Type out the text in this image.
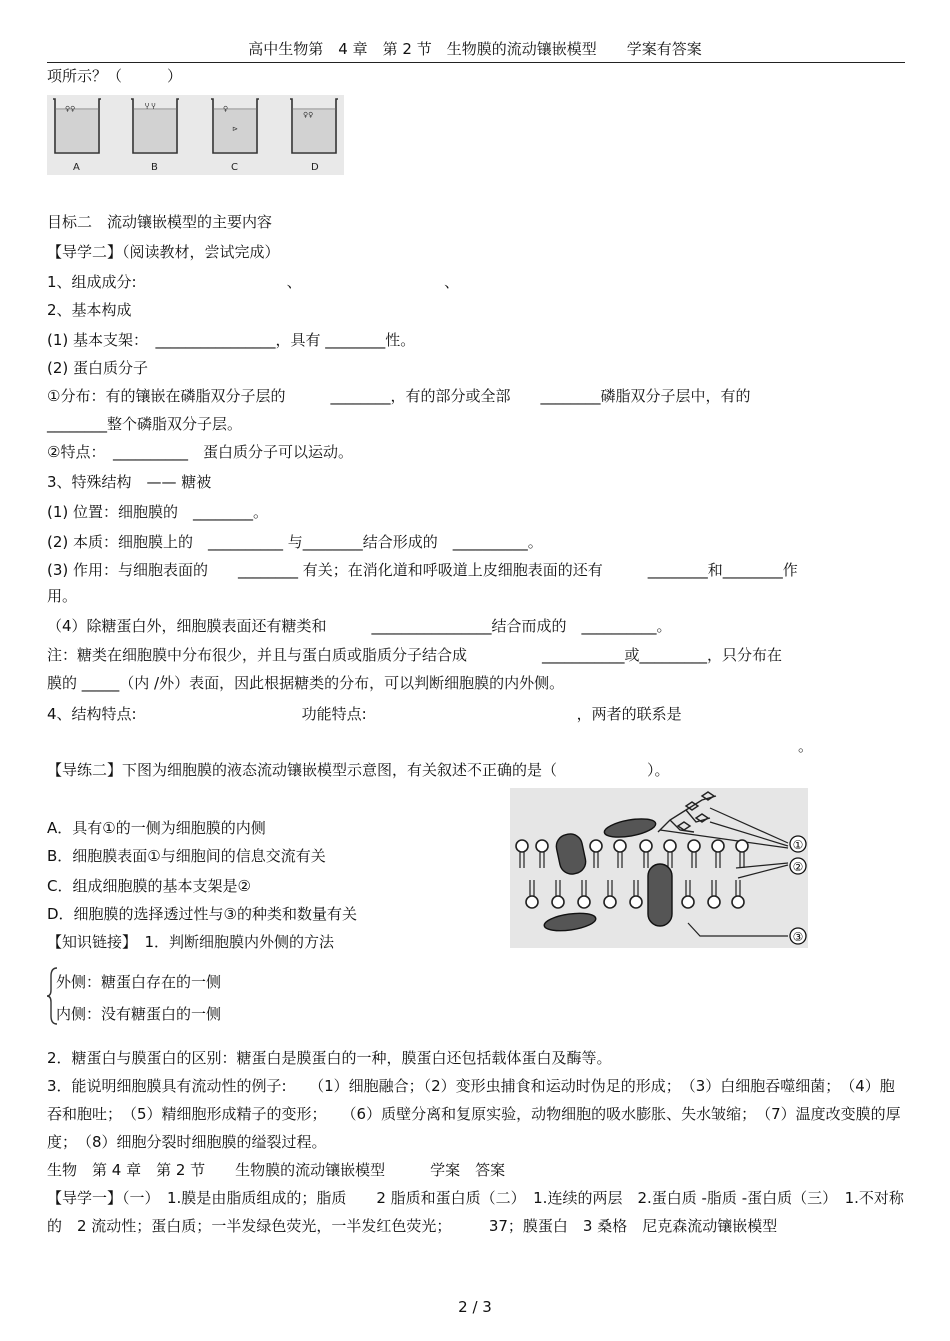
高中生物第　4 章　第 2 节　生物膜的流动镶嵌模型　　学案有答案
项所示？（　　　）
♀♀	Ⴤ Ⴤ	♀
⊳
♀♀
A	B	C	D
目标二　流动镶嵌模型的主要内容
【导学二】（阅读教材，尝试完成）
1、组成成分:　　　　　　　　　　、　　　　　　　　　　、
2、基本构成
(1) 基本支架：　________________，具有 ________性。
(2) 蛋白质分子
①分布：有的镶嵌在磷脂双分子层的　　　________，有的部分或全部　　________磷脂双分子层中，有的
________整个磷脂双分子层。
②特点：　__________　蛋白质分子可以运动。
3、特殊结构　—— 糖被
(1) 位置：细胞膜的　________。
(2) 本质：细胞膜上的　__________ 与________结合形成的　__________。
(3) 作用：与细胞表面的　　________ 有关；在消化道和呼吸道上皮细胞表面的还有　　　________和________作
用。
（4）除糖蛋白外，细胞膜表面还有糖类和　　　________________结合而成的　__________。
注：糖类在细胞膜中分布很少，并且与蛋白质或脂质分子结合成　　　　　___________或_________，只分布在
膜的 _____（内 /外）表面，因此根据糖类的分布，可以判断细胞膜的内外侧。
4、结构特点:　　　　　　　　　　　功能特点:　　　　　　　　　　　　　　，两者的联系是
。
【导练二】下图为细胞膜的液态流动镶嵌模型示意图，有关叙述不正确的是（　　　　　　）。
①
②
③
A．具有①的一侧为细胞膜的内侧
B．细胞膜表面①与细胞间的信息交流有关
C．组成细胞膜的基本支架是②
D．细胞膜的选择透过性与③的种类和数量有关
【知识链接】　1．判断细胞膜内外侧的方法
外侧：糖蛋白存在的一侧
内侧：没有糖蛋白的一侧
2．糖蛋白与膜蛋白的区别：糖蛋白是膜蛋白的一种，膜蛋白还包括载体蛋白及酶等。
3．能说明细胞膜具有流动性的例子:　　（1）细胞融合；（2）变形虫捕食和运动时伪足的形成；　（3）白细胞吞噬细菌；　（4）胞吞和胞吐；　（5）精细胞形成精子的变形；　　（6）质壁分离和复原实验，动物细胞的吸水膨胀、失水皱缩；　（7）温度改变膜的厚度；　（8）细胞分裂时细胞膜的缢裂过程。
生物　第 4 章　第 2 节　　生物膜的流动镶嵌模型　　　学案　答案
【导学一】（一）　1.膜是由脂质组成的；脂质　　2 脂质和蛋白质（二）　1.连续的两层　2.蛋白质 -脂质 -蛋白质（三）　1.不对称的　2 流动性；蛋白质；一半发绿色荧光，一半发红色荧光；　　　37；膜蛋白　3 桑格　尼克森流动镶嵌模型
2 / 3
